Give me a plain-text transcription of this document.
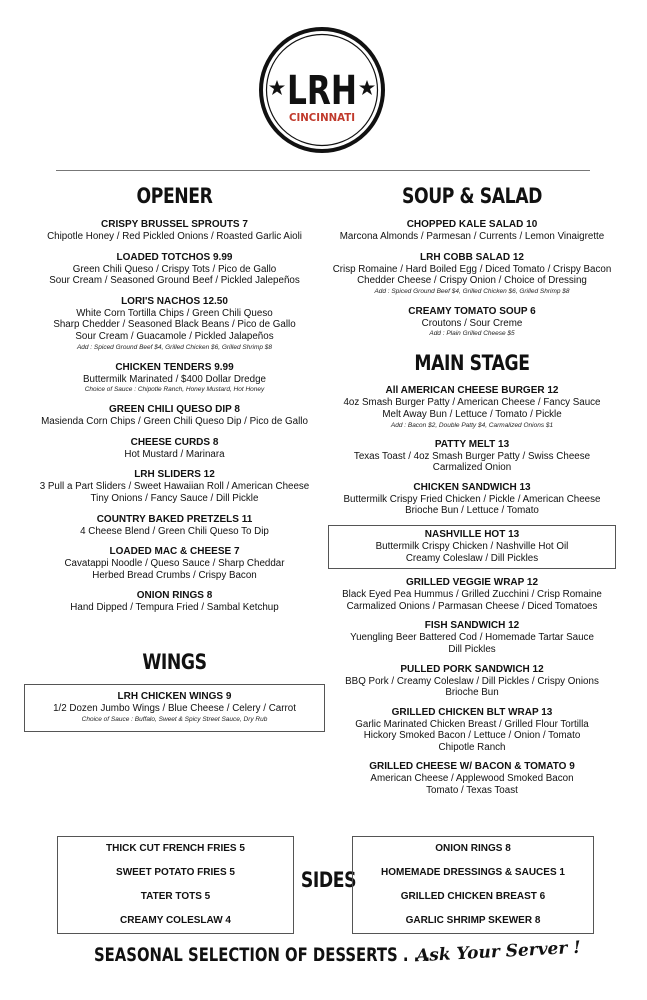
LRH
CINCINNATI
OPENER
CRISPY BRUSSEL SPROUTS 7
Chipotle Honey / Red Pickled Onions / Roasted Garlic Aioli
LOADED TOTCHOS 9.99
Green Chili Queso / Crispy Tots / Pico de Gallo
Sour Cream / Seasoned Ground Beef / Pickled Jalepeños
LORI'S NACHOS 12.50
White Corn Tortilla Chips / Green Chili Queso
Sharp Chedder / Seasoned Black Beans / Pico de Gallo
Sour Cream / Guacamole / Pickled Jalapeños
Add : Spiced Ground Beef $4, Grilled Chicken $6, Grilled Shrimp $8
CHICKEN TENDERS 9.99
Buttermilk Marinated / $400 Dollar Dredge
Choice of Sauce : Chipotle Ranch, Honey Mustard, Hot Honey
GREEN CHILI QUESO DIP 8
Masienda Corn Chips / Green Chili Queso Dip / Pico de Gallo
CHEESE CURDS 8
Hot Mustard / Marinara
LRH SLIDERS 12
3 Pull a Part Sliders / Sweet Hawaiian Roll / American Cheese
Tiny Onions / Fancy Sauce / Dill Pickle
COUNTRY BAKED PRETZELS 11
4 Cheese Blend / Green Chili Queso To Dip
LOADED MAC & CHEESE 7
Cavatappi Noodle / Queso Sauce / Sharp Cheddar
Herbed Bread Crumbs / Crispy Bacon
ONION RINGS 8
Hand Dipped / Tempura Fried / Sambal Ketchup
WINGS
LRH CHICKEN WINGS 9
1/2 Dozen Jumbo Wings / Blue Cheese / Celery / Carrot
Choice of Sauce : Buffalo, Sweet & Spicy Street Sauce, Dry Rub
SOUP & SALAD
CHOPPED KALE SALAD 10
Marcona Almonds / Parmesan / Currents / Lemon Vinaigrette
LRH COBB SALAD 12
Crisp Romaine / Hard Boiled Egg / Diced Tomato / Crispy Bacon
Chedder Cheese / Crispy Onion / Choice of Dressing
Add : Spiced Ground Beef $4, Grilled Chicken $6, Grilled Shrimp $8
CREAMY TOMATO SOUP 6
Croutons / Sour Creme
Add : Plain Grilled Cheese $5
MAIN STAGE
All AMERICAN CHEESE BURGER 12
4oz Smash Burger Patty / American Cheese / Fancy Sauce
Melt Away Bun / Lettuce / Tomato / Pickle
Add : Bacon $2, Double Patty $4, Carmalized Onions $1
PATTY MELT 13
Texas Toast / 4oz Smash Burger Patty / Swiss Cheese
Carmalized Onion
CHICKEN SANDWICH 13
Buttermilk Crispy Fried Chicken / Pickle / American Cheese
Brioche Bun / Lettuce / Tomato
NASHVILLE HOT 13
Buttermilk Crispy Chicken / Nashville Hot Oil
Creamy Coleslaw / Dill Pickles
GRILLED VEGGIE WRAP 12
Black Eyed Pea Hummus / Grilled Zucchini / Crisp Romaine
Carmalized Onions / Parmasan Cheese / Diced Tomatoes
FISH SANDWICH 12
Yuengling Beer Battered Cod / Homemade Tartar Sauce
Dill Pickles
PULLED PORK SANDWICH 12
BBQ Pork / Creamy Coleslaw / Dill Pickles / Crispy Onions
Brioche Bun
GRILLED CHICKEN BLT WRAP 13
Garlic Marinated Chicken Breast / Grilled Flour Tortilla
Hickory Smoked Bacon / Lettuce / Onion / Tomato
Chipotle Ranch
GRILLED CHEESE W/ BACON & TOMATO 9
American Cheese / Applewood Smoked Bacon
Tomato / Texas Toast
THICK CUT FRENCH FRIES 5
SWEET POTATO FRIES 5
TATER TOTS 5
CREAMY COLESLAW 4
SIDES
ONION RINGS 8
HOMEMADE DRESSINGS & SAUCES 1
GRILLED CHICKEN BREAST 6
GARLIC SHRIMP SKEWER 8
SEASONAL SELECTION OF DESSERTS . . .
Ask Your Server !
